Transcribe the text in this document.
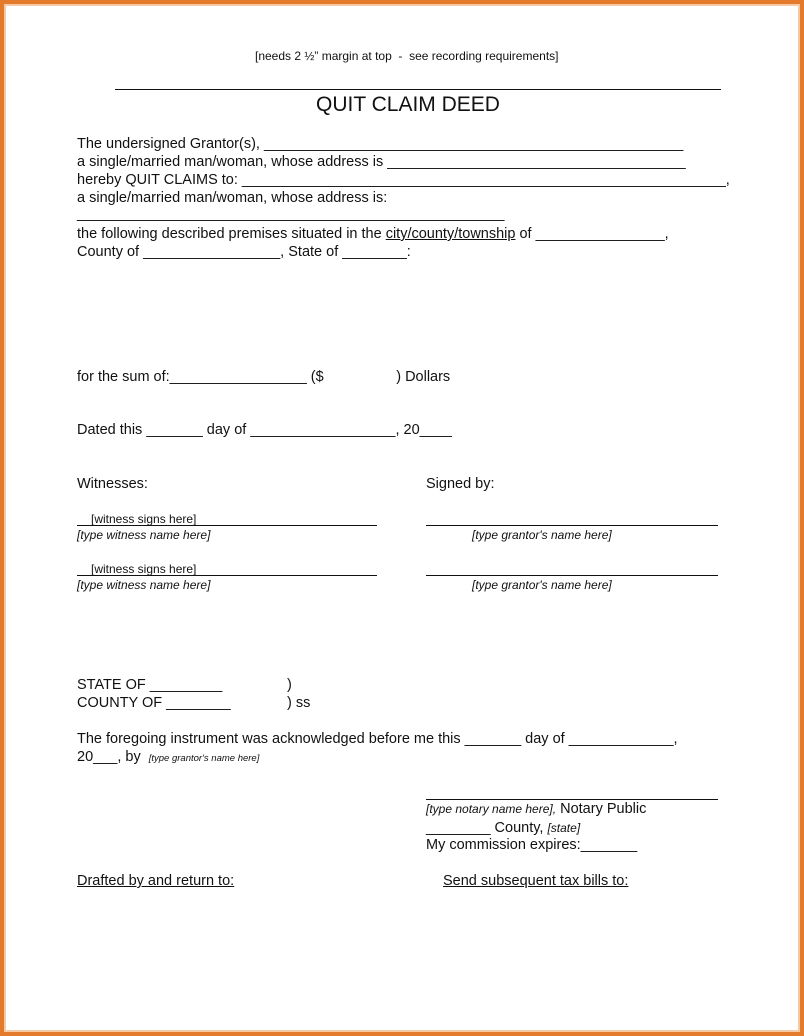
[needs 2 ½” margin at top  -  see recording requirements]
QUIT CLAIM DEED
The undersigned Grantor(s), ____________________________________________________
a single/married man/woman, whose address is _____________________________________
hereby QUIT CLAIMS to: ____________________________________________________________,
a single/married man/woman, whose address is:
_____________________________________________________
the following described premises situated in the city/county/township of ________________,
County of _________________, State of ________:
for the sum of:_________________ ($                  ) Dollars
Dated this _______ day of __________________, 20____
Witnesses:	Signed by:
[witness signs here]
[type witness name here]	[type grantor's name here]
[witness signs here]
[type witness name here]	[type grantor's name here]
STATE OF _________	)
COUNTY OF ________	) ss
The foregoing instrument was acknowledged before me this _______ day of _____________,
20___, by  [type grantor's name here]
[type notary name here], Notary Public
________ County, [state]
My commission expires:_______
Drafted by and return to:	Send subsequent tax bills to:
